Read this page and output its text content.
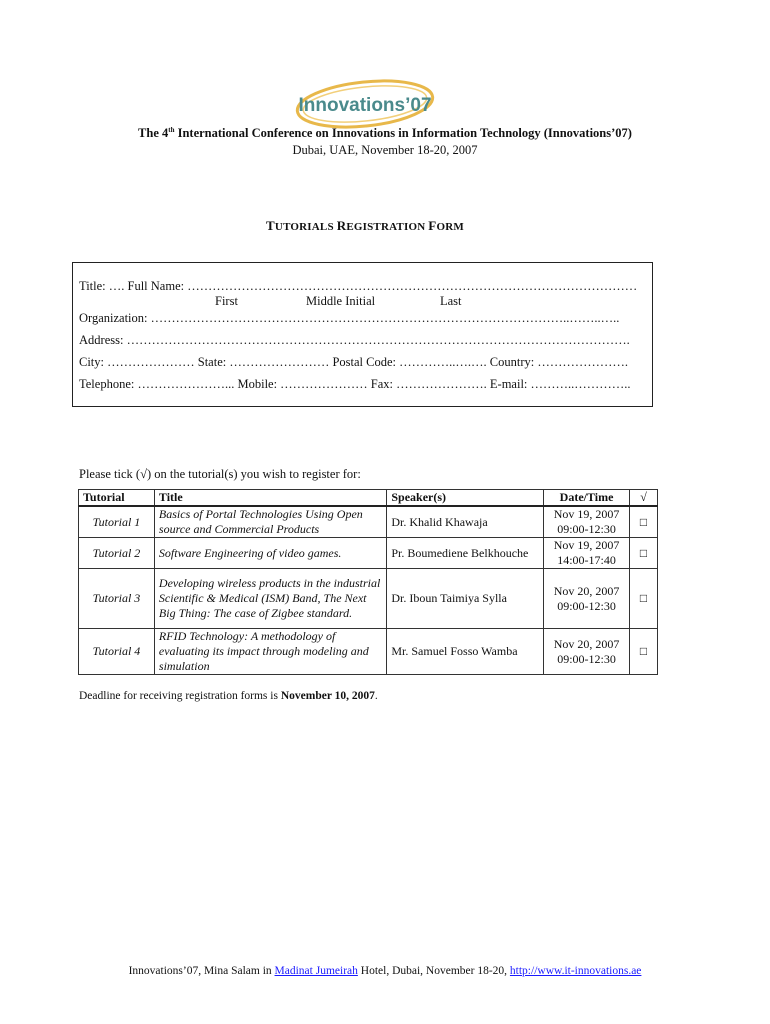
Innovations’07
The 4th International Conference on Innovations in Information Technology (Innovations’07)
Dubai, UAE, November 18-20, 2007
TUTORIALS REGISTRATION FORM
Title: …. Full Name: ………………………………………………………………………………………………
First	Middle Initial	Last
Organization: ………………………………………………………………………………………..……..…..
Address: ………………………………………………………………………………………………………….
City: ………………… State: …………………… Postal Code: …………..….…. Country: ………………….
Telephone: …………………... Mobile: ………………… Fax: …………………. E-mail: ………..…………..
Please tick (√) on the tutorial(s) you wish to register for:
Tutorial	Title	Speaker(s)	Date/Time	√
Tutorial 1	Basics of Portal Technologies Using Open source and Commercial Products	Dr. Khalid Khawaja	Nov 19, 2007
09:00-12:30	□
Tutorial 2	Software Engineering of video games.	Pr. Boumediene Belkhouche	Nov 19, 2007
14:00-17:40	□
Tutorial 3	Developing wireless products in the industrial Scientific & Medical (ISM) Band, The Next Big Thing: The case of Zigbee standard.	Dr. Iboun Taimiya Sylla	Nov 20, 2007
09:00-12:30	□
Tutorial 4	RFID Technology: A methodology of evaluating its impact through modeling and simulation	Mr. Samuel Fosso Wamba	Nov 20, 2007
09:00-12:30	□
Deadline for receiving registration forms is November 10, 2007.
Innovations’07, Mina Salam in Madinat Jumeirah Hotel, Dubai, November 18-20, http://www.it-innovations.ae
